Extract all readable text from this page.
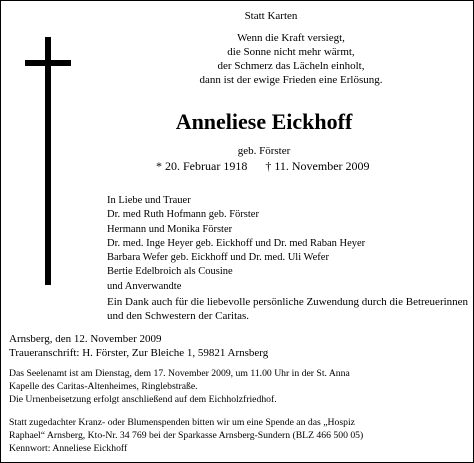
Statt Karten
Wenn die Kraft versiegt,
die Sonne nicht mehr wärmt,
der Schmerz das Lächeln einholt,
dann ist der ewige Frieden eine Erlösung.
Anneliese Eickhoff
geb. Förster
* 20. Februar 1918 † 11. November 2009
In Liebe und Trauer
Dr. med Ruth Hofmann geb. Förster
Hermann und Monika Förster
Dr. med. Inge Heyer geb. Eickhoff und Dr. med Raban Heyer
Barbara Wefer geb. Eickhoff und Dr. med. Uli Wefer
Bertie Edelbroich als Cousine
und Anverwandte
Ein Dank auch für die liebevolle persönliche Zuwendung durch die Betreuerinnen und den Schwestern der Caritas.
Arnsberg, den 12. November 2009
Traueranschrift: H. Förster, Zur Bleiche 1, 59821 Arnsberg
Das Seelenamt ist am Dienstag, dem 17. November 2009, um 11.00 Uhr in der St. Anna
Kapelle des Caritas-Altenheimes, Ringlebstraße.
Die Urnenbeisetzung erfolgt anschließend auf dem Eichholzfriedhof.
Statt zugedachter Kranz- oder Blumenspenden bitten wir um eine Spende an das „Hospiz
Raphael“ Arnsberg, Kto-Nr. 34 769 bei der Sparkasse Arnsberg-Sundern (BLZ 466 500 05)
Kennwort: Anneliese Eickhoff
